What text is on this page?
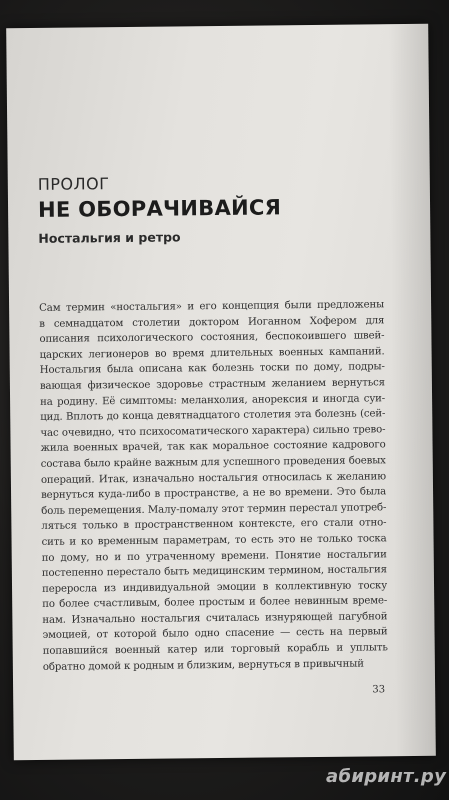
ПРОЛОГ
НЕ ОБОРАЧИВАЙСЯ
Ностальгия и ретро
Сам термин «ностальгия» и его концепция были предложены
в семнадцатом столетии доктором Иоганном Хофером для
описания психологического состояния, беспокоившего швей-
царских легионеров во время длительных военных кампаний.
Ностальгия была описана как болезнь тоски по дому, подры-
вающая физическое здоровье страстным желанием вернуться
на родину. Её симптомы: меланхолия, анорексия и иногда суи-
цид. Вплоть до конца девятнадцатого столетия эта болезнь (сей-
час очевидно, что психосоматического характера) сильно трево-
жила военных врачей, так как моральное состояние кадрового
состава было крайне важным для успешного проведения боевых
операций. Итак, изначально ностальгия относилась к желанию
вернуться куда-либо в пространстве, а не во времени. Это была
боль перемещения. Малу-помалу этот термин перестал употреб-
ляться только в пространственном контексте, его стали отно-
сить и ко временным параметрам, то есть это не только тоска
по дому, но и по утраченному времени. Понятие ностальгии
постепенно перестало быть медицинским термином, ностальгия
переросла из индивидуальной эмоции в коллективную тоску
по более счастливым, более простым и более невинным време-
нам. Изначально ностальгия считалась изнуряющей пагубной
эмоцией, от которой было одно спасение — сесть на первый
попавшийся военный катер или торговый корабль и уплыть
обратно домой к родным и близким, вернуться в привычный
33
абиринт.ру
